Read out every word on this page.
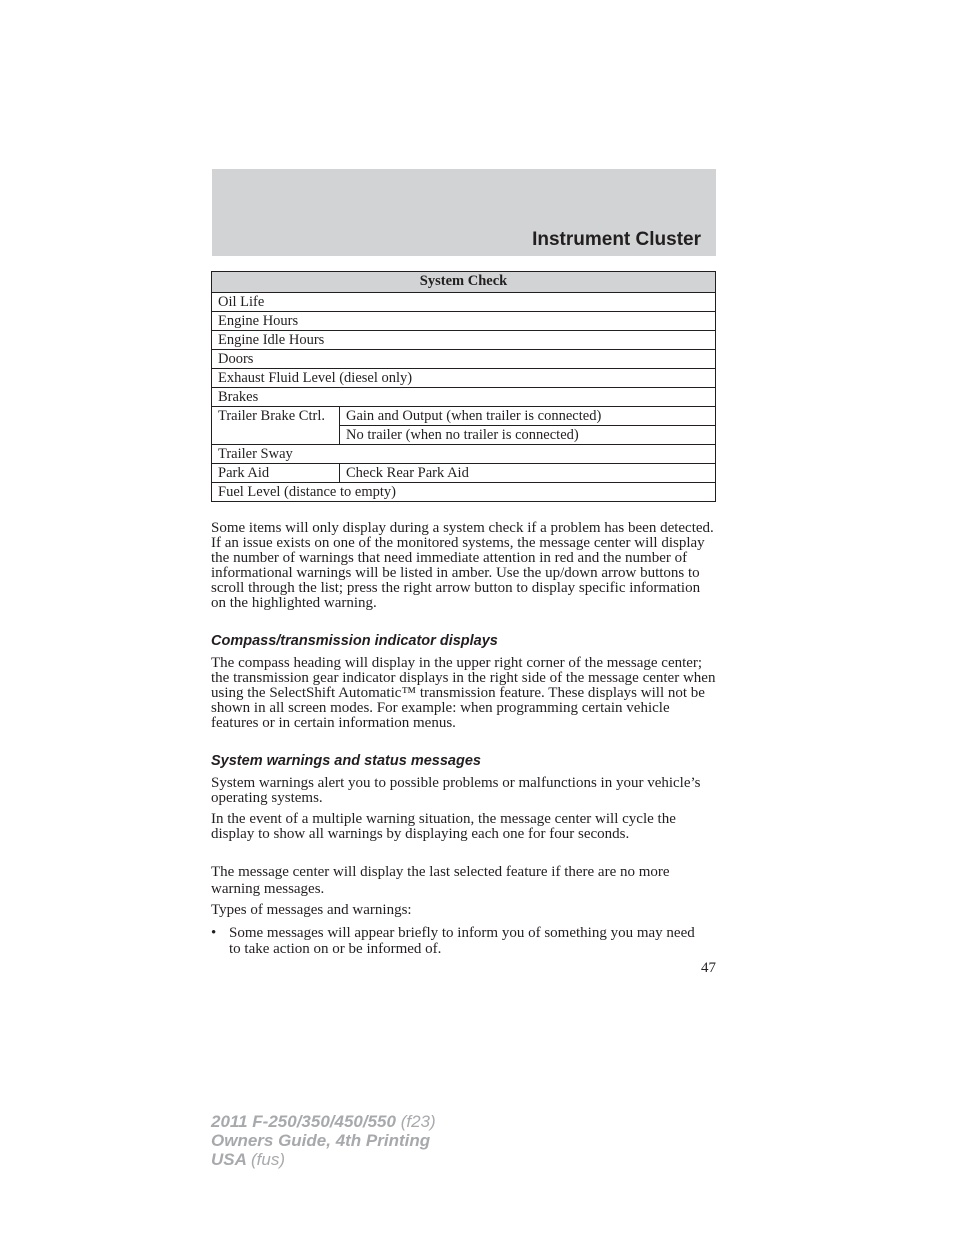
Instrument Cluster
System Check	
Oil Life	
Engine Hours	
Engine Idle Hours	
Doors	
Exhaust Fluid Level (diesel only)	
Brakes	
Trailer Brake Ctrl.	Gain and Output (when trailer is connected)
	No trailer (when no trailer is connected)
Trailer Sway	
Park Aid	Check Rear Park Aid
Fuel Level (distance to empty)	

Some items will only display during a system check if a problem has been detected. If an issue exists on one of the monitored systems, the message center will display the number of warnings that need immediate attention in red and the number of informational warnings will be listed in amber. Use the up/down arrow buttons to scroll through the list; press the right arrow button to display specific information on the highlighted warning.

Compass/transmission indicator displays

The compass heading will display in the upper right corner of the message center; the transmission gear indicator displays in the right side of the message center when using the SelectShift Automatic™ transmission feature. These displays will not be shown in all screen modes. For example: when programming certain vehicle features or in certain information menus.

System warnings and status messages

System warnings alert you to possible problems or malfunctions in your vehicle’s operating systems.

In the event of a multiple warning situation, the message center will cycle the display to show all warnings by displaying each one for four seconds.

The message center will display the last selected feature if there are no more warning messages.

Types of messages and warnings:

• Some messages will appear briefly to inform you of something you may need to take action on or be informed of.
47
2011 F-250/350/450/550 (f23)
Owners Guide, 4th Printing
USA (fus)
